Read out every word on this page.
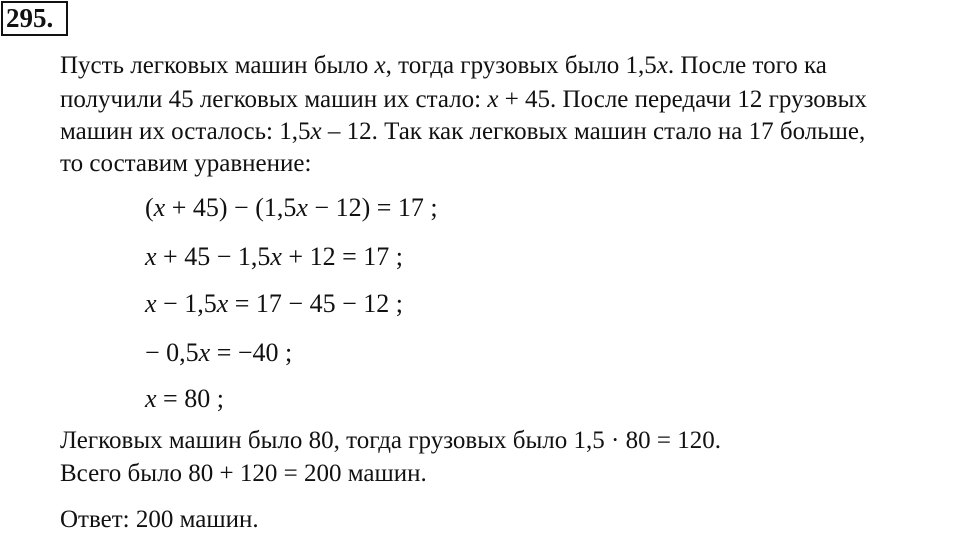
295.
Пусть легковых машин было x, тогда грузовых было 1,5x. После того ка
получили 45 легковых машин их стало: x + 45. После передачи 12 грузовых
машин их осталось: 1,5x – 12. Так как легковых машин стало на 17 больше,
то составим уравнение:
(x + 45) − (1,5x − 12) = 17 ;
x + 45 − 1,5x + 12 = 17 ;
x − 1,5x = 17 − 45 − 12 ;
− 0,5x = −40 ;
x = 80 ;
Легковых машин было 80, тогда грузовых было 1,5 · 80 = 120.
Всего было 80 + 120 = 200 машин.
Ответ: 200 машин.
